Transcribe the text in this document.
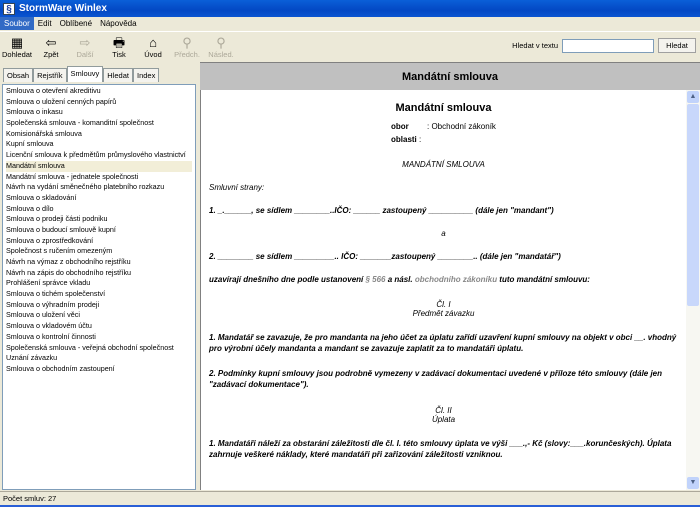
§ StormWare Winlex
Soubor	Edit	Oblíbené	Nápověda
▦
Dohledat
⇦
Zpět
⇨
Další
🖶
Tisk
⌂
Úvod
⚲
Předch.
⚲
Násled.
Hledat v textu	Hledat
Obsah	Rejstřík	Smlouvy	Hledat	Index
Smlouva o otevření akreditivu
Smlouva o uložení cenných papírů
Smlouva o inkasu
Společenská smlouva - komanditní společnost
Komisionářská smlouva
Kupní smlouva
Licenční smlouva k předmětům průmyslového vlastnictví
Mandátní smlouva
Mandátní smlouva - jednatele společnosti
Návrh na vydání směnečného platebního rozkazu
Smlouva o skladování
Smlouva o dílo
Smlouva o prodeji části podniku
Smlouva o budoucí smlouvě kupní
Smlouva o zprostředkování
Společnost s ručením omezeným
Návrh na výmaz z obchodního rejstříku
Návrh na zápis do obchodního rejstříku
Prohlášení správce vkladu
Smlouva o tichém společenství
Smlouva o výhradním prodeji
Smlouva o uložení věci
Smlouva o vkladovém účtu
Smlouva o kontrolní činnosti
Společenská smlouva - veřejná obchodní společnost
Uznání závazku
Smlouva o obchodním zastoupení
Mandátní smlouva

Mandátní smlouva

obor : Obchodní zákoník
oblasti :

MANDÁTNÍ SMLOUVA

Smluvní strany:

1. _.______, se sídlem ________..IČO: ______ zastoupený __________ (dále jen "mandant")

a

2. ________ se sídlem _________.. IČO: _______zastoupený ________.. (dále jen "mandatář")

uzavírají dnešního dne podle ustanovení § 566 a násl. obchodního zákoníku tuto mandátní smlouvu:

Čl. I

Předmět závazku

1. Mandatář se zavazuje, že pro mandanta na jeho účet za úplatu zařídí uzavření kupní smlouvy na objekt v obci __. vhodný pro výrobní účely mandanta a mandant se zavazuje zaplatit za to mandatáři úplatu.

2. Podmínky kupní smlouvy jsou podrobně vymezeny v zadávací dokumentaci uvedené v příloze této smlouvy (dále jen "zadávací dokumentace").

Čl. II

Úplata

1. Mandatáři náleží za obstarání záležitosti dle čl. I. této smlouvy úplata ve výši ___.,- Kč (slovy:___.korunčeských). Úplata zahrnuje veškeré náklady, které mandatáři při zařizování záležitosti vzniknou.

▲
▼
Počet smluv: 27
